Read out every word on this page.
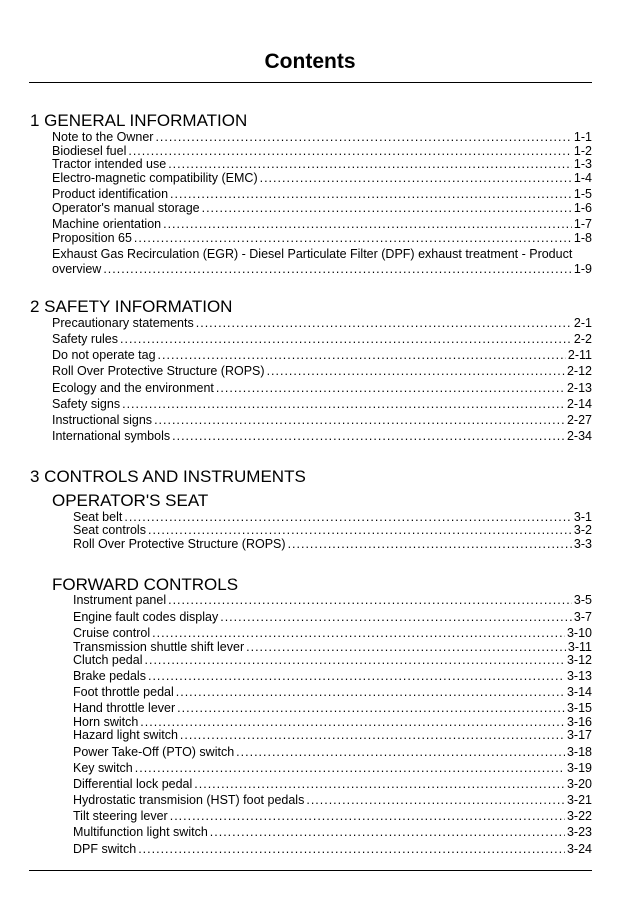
Contents
1 GENERAL INFORMATION
Note to the Owner .....	1-1
Biodiesel fuel .....	1-2
Tractor intended use .....	1-3
Electro-magnetic compatibility (EMC) .....	1-4
Product identification .....	1-5
Operator's manual storage .....	1-6
Machine orientation .....	1-7
Proposition 65 .....	1-8
Exhaust Gas Recirculation (EGR) - Diesel Particulate Filter (DPF) exhaust treatment - Product
overview .....	1-9
2 SAFETY INFORMATION
Precautionary statements .....	2-1
Safety rules .....	2-2
Do not operate tag .....	2-11
Roll Over Protective Structure (ROPS) .....	2-12
Ecology and the environment .....	2-13
Safety signs .....	2-14
Instructional signs .....	2-27
International symbols .....	2-34
3 CONTROLS AND INSTRUMENTS
OPERATOR'S SEAT
Seat belt .....	3-1
Seat controls .....	3-2
Roll Over Protective Structure (ROPS) .....	3-3
FORWARD CONTROLS
Instrument panel .....	3-5
Engine fault codes display .....	3-7
Cruise control .....	3-10
Transmission shuttle shift lever .....	3-11
Clutch pedal .....	3-12
Brake pedals .....	3-13
Foot throttle pedal .....	3-14
Hand throttle lever .....	3-15
Horn switch .....	3-16
Hazard light switch .....	3-17
Power Take-Off (PTO) switch .....	3-18
Key switch .....	3-19
Differential lock pedal .....	3-20
Hydrostatic transmision (HST) foot pedals .....	3-21
Tilt steering lever .....	3-22
Multifunction light switch .....	3-23
DPF switch .....	3-24
